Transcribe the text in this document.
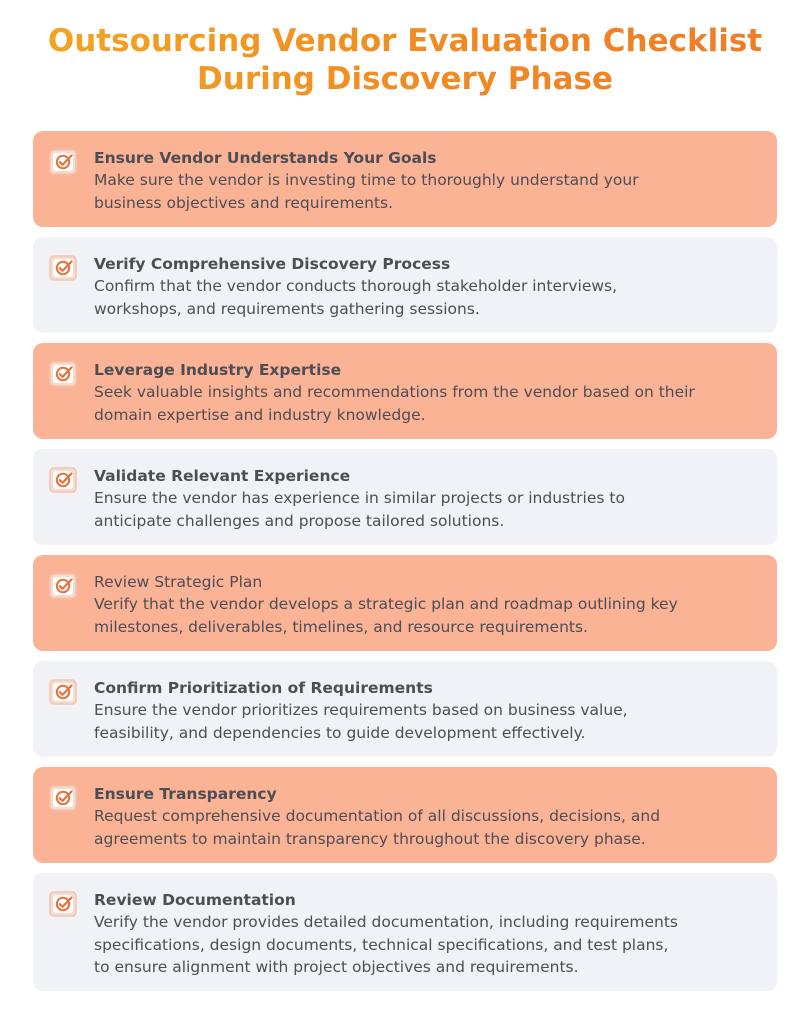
Outsourcing Vendor Evaluation Checklist
During Discovery Phase
Ensure Vendor Understands Your Goals
Make sure the vendor is investing time to thoroughly understand your
business objectives and requirements.
Verify Comprehensive Discovery Process
Confirm that the vendor conducts thorough stakeholder interviews,
workshops, and requirements gathering sessions.
Leverage Industry Expertise
Seek valuable insights and recommendations from the vendor based on their
domain expertise and industry knowledge.
Validate Relevant Experience
Ensure the vendor has experience in similar projects or industries to
anticipate challenges and propose tailored solutions.
Review Strategic Plan
Verify that the vendor develops a strategic plan and roadmap outlining key
milestones, deliverables, timelines, and resource requirements.
Confirm Prioritization of Requirements
Ensure the vendor prioritizes requirements based on business value,
feasibility, and dependencies to guide development effectively.
Ensure Transparency
Request comprehensive documentation of all discussions, decisions, and
agreements to maintain transparency throughout the discovery phase.
Review Documentation
Verify the vendor provides detailed documentation, including requirements
specifications, design documents, technical specifications, and test plans,
to ensure alignment with project objectives and requirements.
